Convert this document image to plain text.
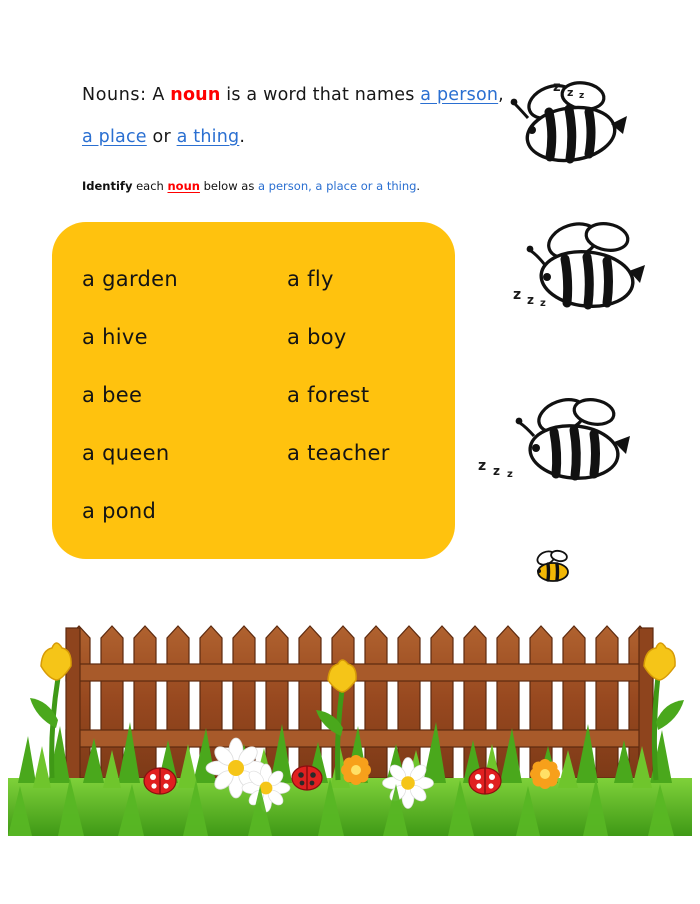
Nouns: A noun is a word that names a person,
a place or a thing.
Identify each noun below as a person, a place or a thing.
a garden	a fly
a hive	a boy
a bee	a forest
a queen	a teacher
a pond
z z z
z z z
z z z
